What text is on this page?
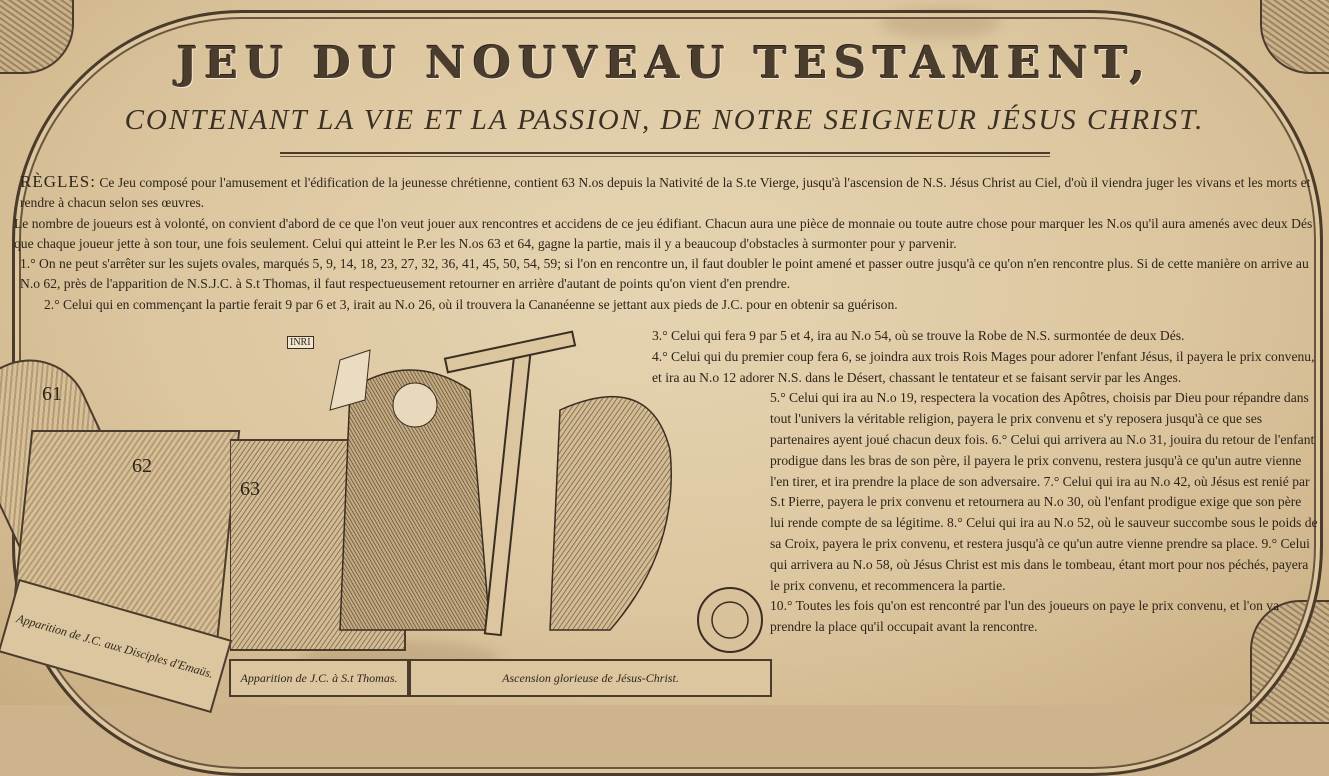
JEU DU NOUVEAU TESTAMENT,
CONTENANT LA VIE ET LA PASSION, DE NOTRE SEIGNEUR JÉSUS CHRIST.

RÈGLES: Ce Jeu composé pour l'amusement et l'édification de la jeunesse chrétienne, contient 63 N.os depuis la Nativité de la S.te Vierge, jusqu'à l'ascension de N.S. Jésus Christ au Ciel, d'où il viendra juger les vivans et les morts et rendre à chacun selon ses œuvres.

Le nombre de joueurs est à volonté, on convient d'abord de ce que l'on veut jouer aux rencontres et accidens de ce jeu édifiant. Chacun aura une pièce de monnaie ou toute autre chose pour marquer les N.os qu'il aura amenés avec deux Dés que chaque joueur jette à son tour, une fois seulement. Celui qui atteint le P.er les N.os 63 et 64, gagne la partie, mais il y a beaucoup d'obstacles à surmonter pour y parvenir.

1.° On ne peut s'arrêter sur les sujets ovales, marqués 5, 9, 14, 18, 23, 27, 32, 36, 41, 45, 50, 54, 59; si l'on en rencontre un, il faut doubler le point amené et passer outre jusqu'à ce qu'on n'en rencontre plus. Si de cette manière on arrive au N.o 62, près de l'apparition de N.S.J.C. à S.t Thomas, il faut respectueusement retourner en arrière d'autant de points qu'on vient d'en prendre.

2.° Celui qui en commençant la partie ferait 9 par 6 et 3, irait au N.o 26, où il trouvera la Cananéenne se jettant aux pieds de J.C. pour en obtenir sa guérison.

3.° Celui qui fera 9 par 5 et 4, ira au N.o 54, où se trouve la Robe de N.S. surmontée de deux Dés.

4.° Celui qui du premier coup fera 6, se joindra aux trois Rois Mages pour adorer l'enfant Jésus, il payera le prix convenu, et ira au N.o 12 adorer N.S. dans le Désert, chassant le tentateur et se faisant servir par les Anges.

5.° Celui qui ira au N.o 19, respectera la vocation des Apôtres, choisis par Dieu pour répandre dans tout l'univers la véritable religion, payera le prix convenu et s'y reposera jusqu'à ce que ses partenaires ayent joué chacun deux fois. 6.° Celui qui arrivera au N.o 31, jouira du retour de l'enfant prodigue dans les bras de son père, il payera le prix convenu, restera jusqu'à ce qu'un autre vienne l'en tirer, et ira prendre la place de son adversaire. 7.° Celui qui ira au N.o 42, où Jésus est renié par S.t Pierre, payera le prix convenu et retournera au N.o 30, où l'enfant prodigue exige que son père lui rende compte de sa légitime. 8.° Celui qui ira au N.o 52, où le sauveur succombe sous le poids de sa Croix, payera le prix convenu, et restera jusqu'à ce qu'un autre vienne prendre sa place. 9.° Celui qui arrivera au N.o 58, où Jésus Christ est mis dans le tombeau, étant mort pour nos péchés, payera le prix convenu, et recommencera la partie.

10.° Toutes les fois qu'on est rencontré par l'un des joueurs on paye le prix convenu, et l'on va prendre la place qu'il occupait avant la rencontre.

61
62
INRI
63
Apparition de J.C. aux Disciples d'Emaüs.	Apparition de J.C. à S.t Thomas.	Ascension glorieuse de Jésus-Christ.
